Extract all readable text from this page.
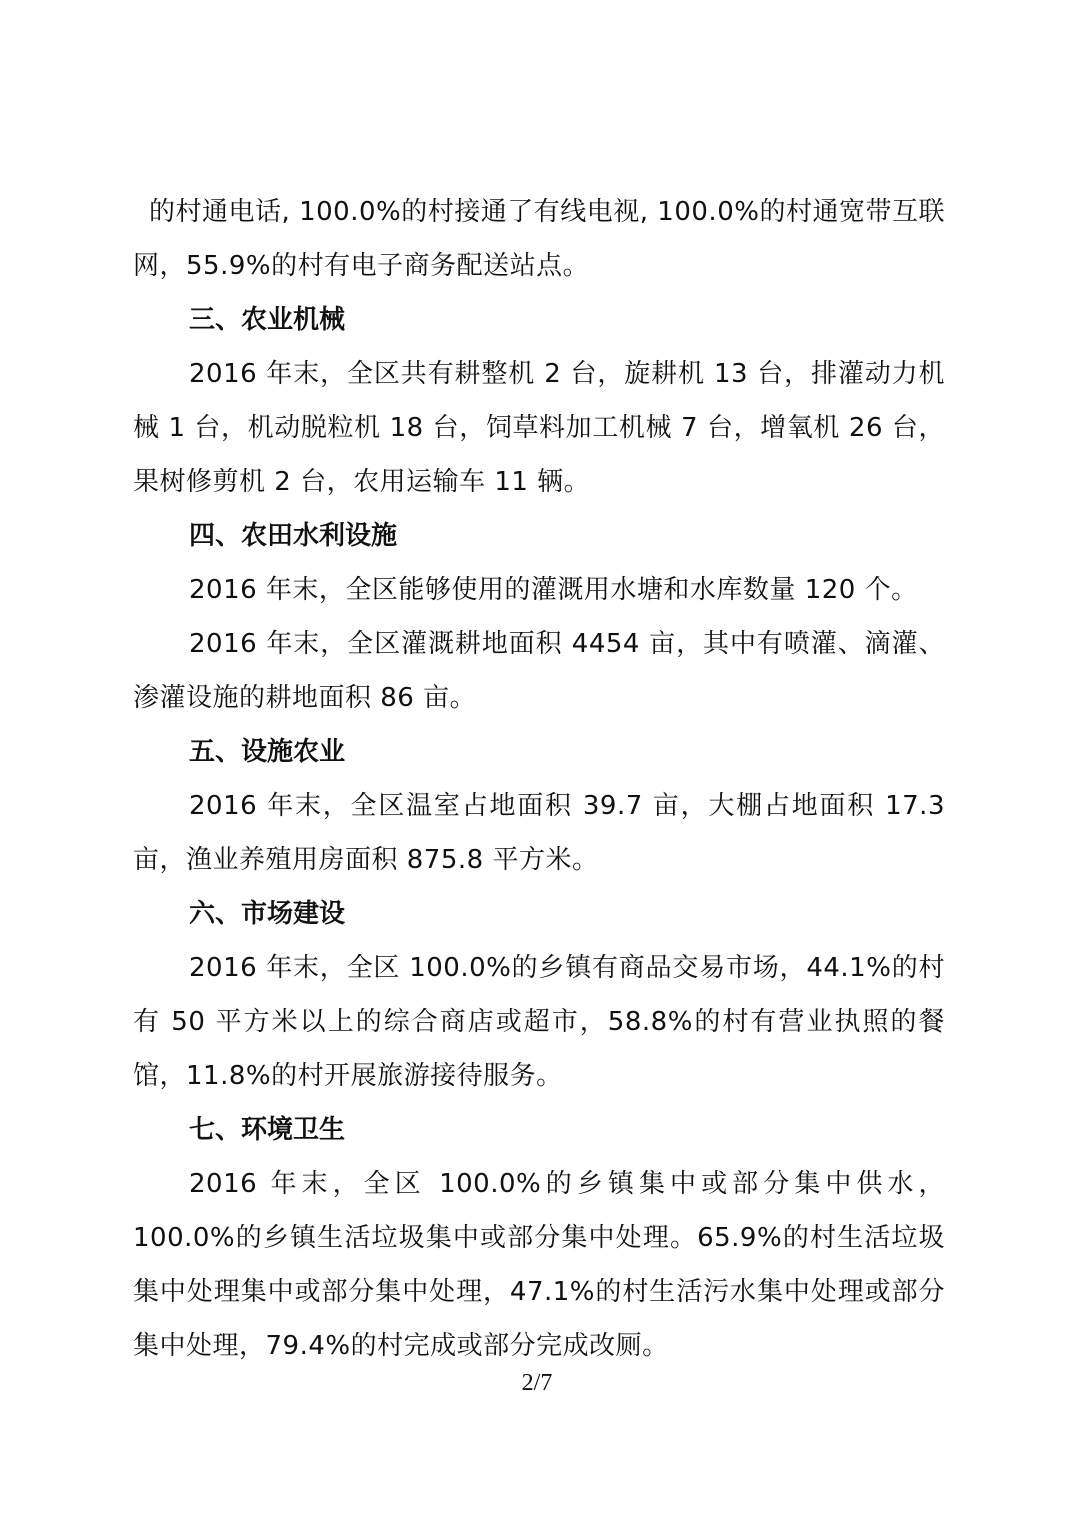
的村通电话, 100.0%的村接通了有线电视, 100.0%的村通宽带互联网，55.9%的村有电子商务配送站点。

三、农业机械

2016 年末，全区共有耕整机 2 台，旋耕机 13 台，排灌动力机械 1 台，机动脱粒机 18 台，饲草料加工机械 7 台，增氧机 26 台，果树修剪机 2 台，农用运输车 11 辆。

四、农田水利设施

2016 年末，全区能够使用的灌溉用水塘和水库数量 120 个。

2016 年末，全区灌溉耕地面积 4454 亩，其中有喷灌、滴灌、渗灌设施的耕地面积 86 亩。

五、设施农业

2016 年末，全区温室占地面积 39.7 亩，大棚占地面积 17.3 亩，渔业养殖用房面积 875.8 平方米。

六、市场建设

2016 年末，全区 100.0%的乡镇有商品交易市场，44.1%的村有 50 平方米以上的综合商店或超市，58.8%的村有营业执照的餐馆，11.8%的村开展旅游接待服务。

七、环境卫生

2016 年末，全区 100.0%的乡镇集中或部分集中供水，100.0%的乡镇生活垃圾集中或部分集中处理。65.9%的村生活垃圾集中处理集中或部分集中处理，47.1%的村生活污水集中处理或部分集中处理，79.4%的村完成或部分完成改厕。

2/7
